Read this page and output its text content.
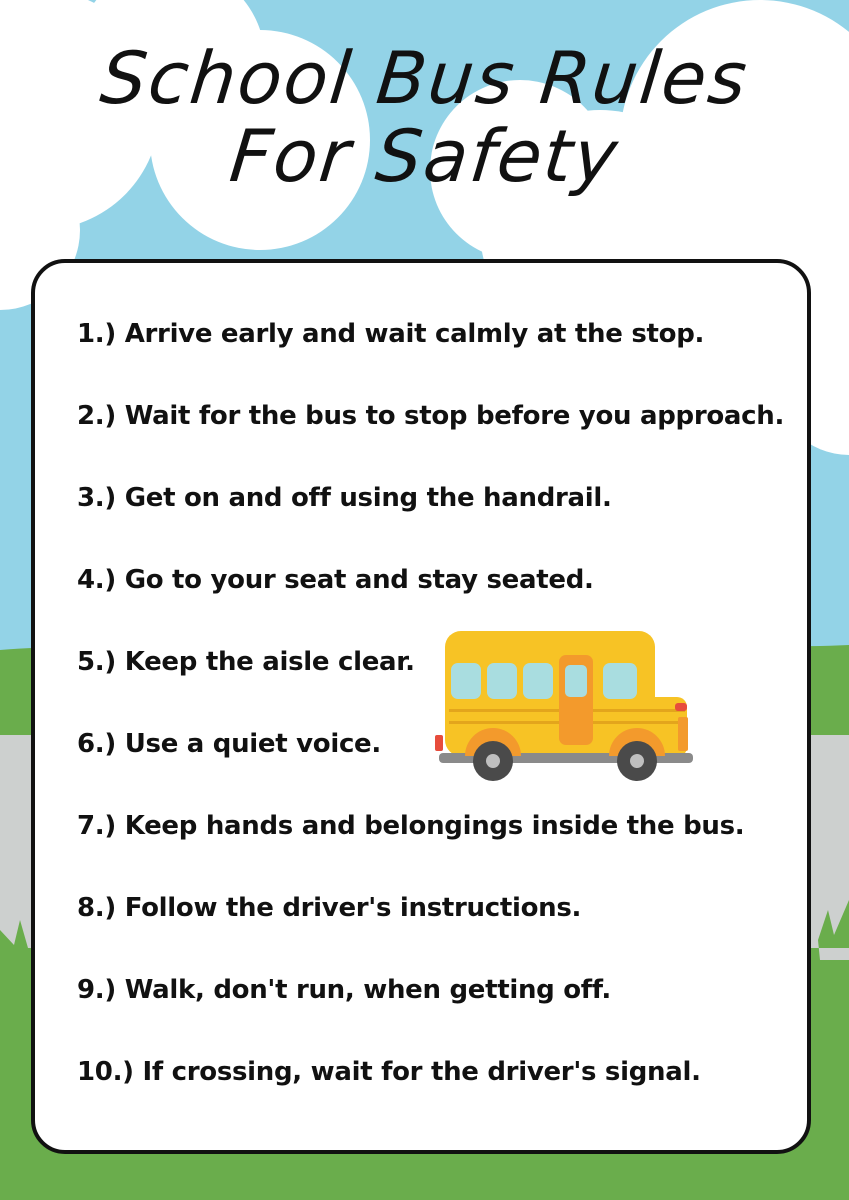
School Bus Rules
For Safety
1.) Arrive early and wait calmly at the stop.
2.) Wait for the bus to stop before you approach.
3.) Get on and off using the handrail.
4.) Go to your seat and stay seated.
5.) Keep the aisle clear.
6.) Use a quiet voice.
7.) Keep hands and belongings inside the bus.
8.) Follow the driver's instructions.
9.) Walk, don't run, when getting off.
10.) If crossing, wait for the driver's signal.
